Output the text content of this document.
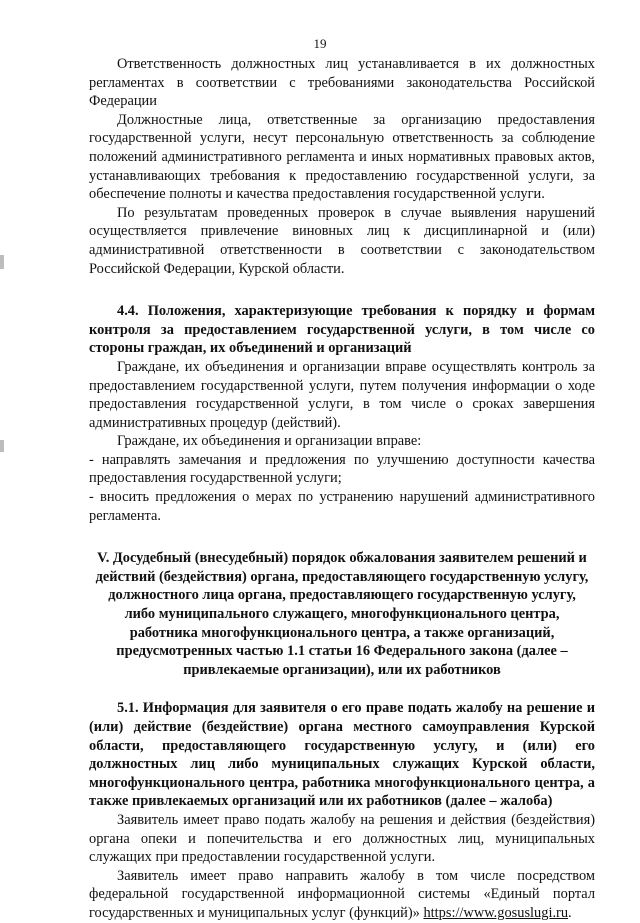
19

Ответственность должностных лиц устанавливается в их должностных регламентах в соответствии с требованиями законодательства Российской Федерации

Должностные лица, ответственные за организацию предоставления государственной услуги, несут персональную ответственность за соблюдение положений административного регламента и иных нормативных правовых актов, устанавливающих требования к предоставлению государственной услуги, за обеспечение полноты и качества предоставления государственной услуги.

По результатам проведенных проверок в случае выявления нарушений осуществляется привлечение виновных лиц к дисциплинарной и (или) административной ответственности в соответствии с законодательством Российской Федерации, Курской области.

4.4. Положения, характеризующие требования к порядку и формам контроля за предоставлением государственной услуги, в том числе со стороны граждан, их объединений и организаций

Граждане, их объединения и организации вправе осуществлять контроль за предоставлением государственной услуги, путем получения информации о ходе предоставления государственной услуги, в том числе о сроках завершения административных процедур (действий).

Граждане, их объединения и организации вправе:

- направлять замечания и предложения по улучшению доступности качества предоставления государственной услуги;

- вносить предложения о мерах по устранению нарушений административного регламента.

V. Досудебный (внесудебный) порядок обжалования заявителем решений и действий (бездействия) органа, предоставляющего государственную услугу, должностного лица органа, предоставляющего государственную услугу, либо муниципального служащего, многофункционального центра, работника многофункционального центра, а также организаций, предусмотренных частью 1.1 статьи 16 Федерального закона (далее – привлекаемые организации), или их работников
5.1. Информация для заявителя о его праве подать жалобу на решение и (или) действие (бездействие) органа местного самоуправления Курской области, предоставляющего государственную услугу, и (или) его должностных лиц либо муниципальных служащих Курской области, многофункционального центра, работника многофункционального центра, а также привлекаемых организаций или их работников (далее – жалоба)

Заявитель имеет право подать жалобу на решения и действия (бездействия) органа опеки и попечительства и его должностных лиц, муниципальных служащих при предоставлении государственной услуги.

Заявитель имеет право направить жалобу в том числе посредством федеральной государственной информационной системы «Единый портал государственных и муниципальных услуг (функций)» https://www.gosuslugi.ru.
